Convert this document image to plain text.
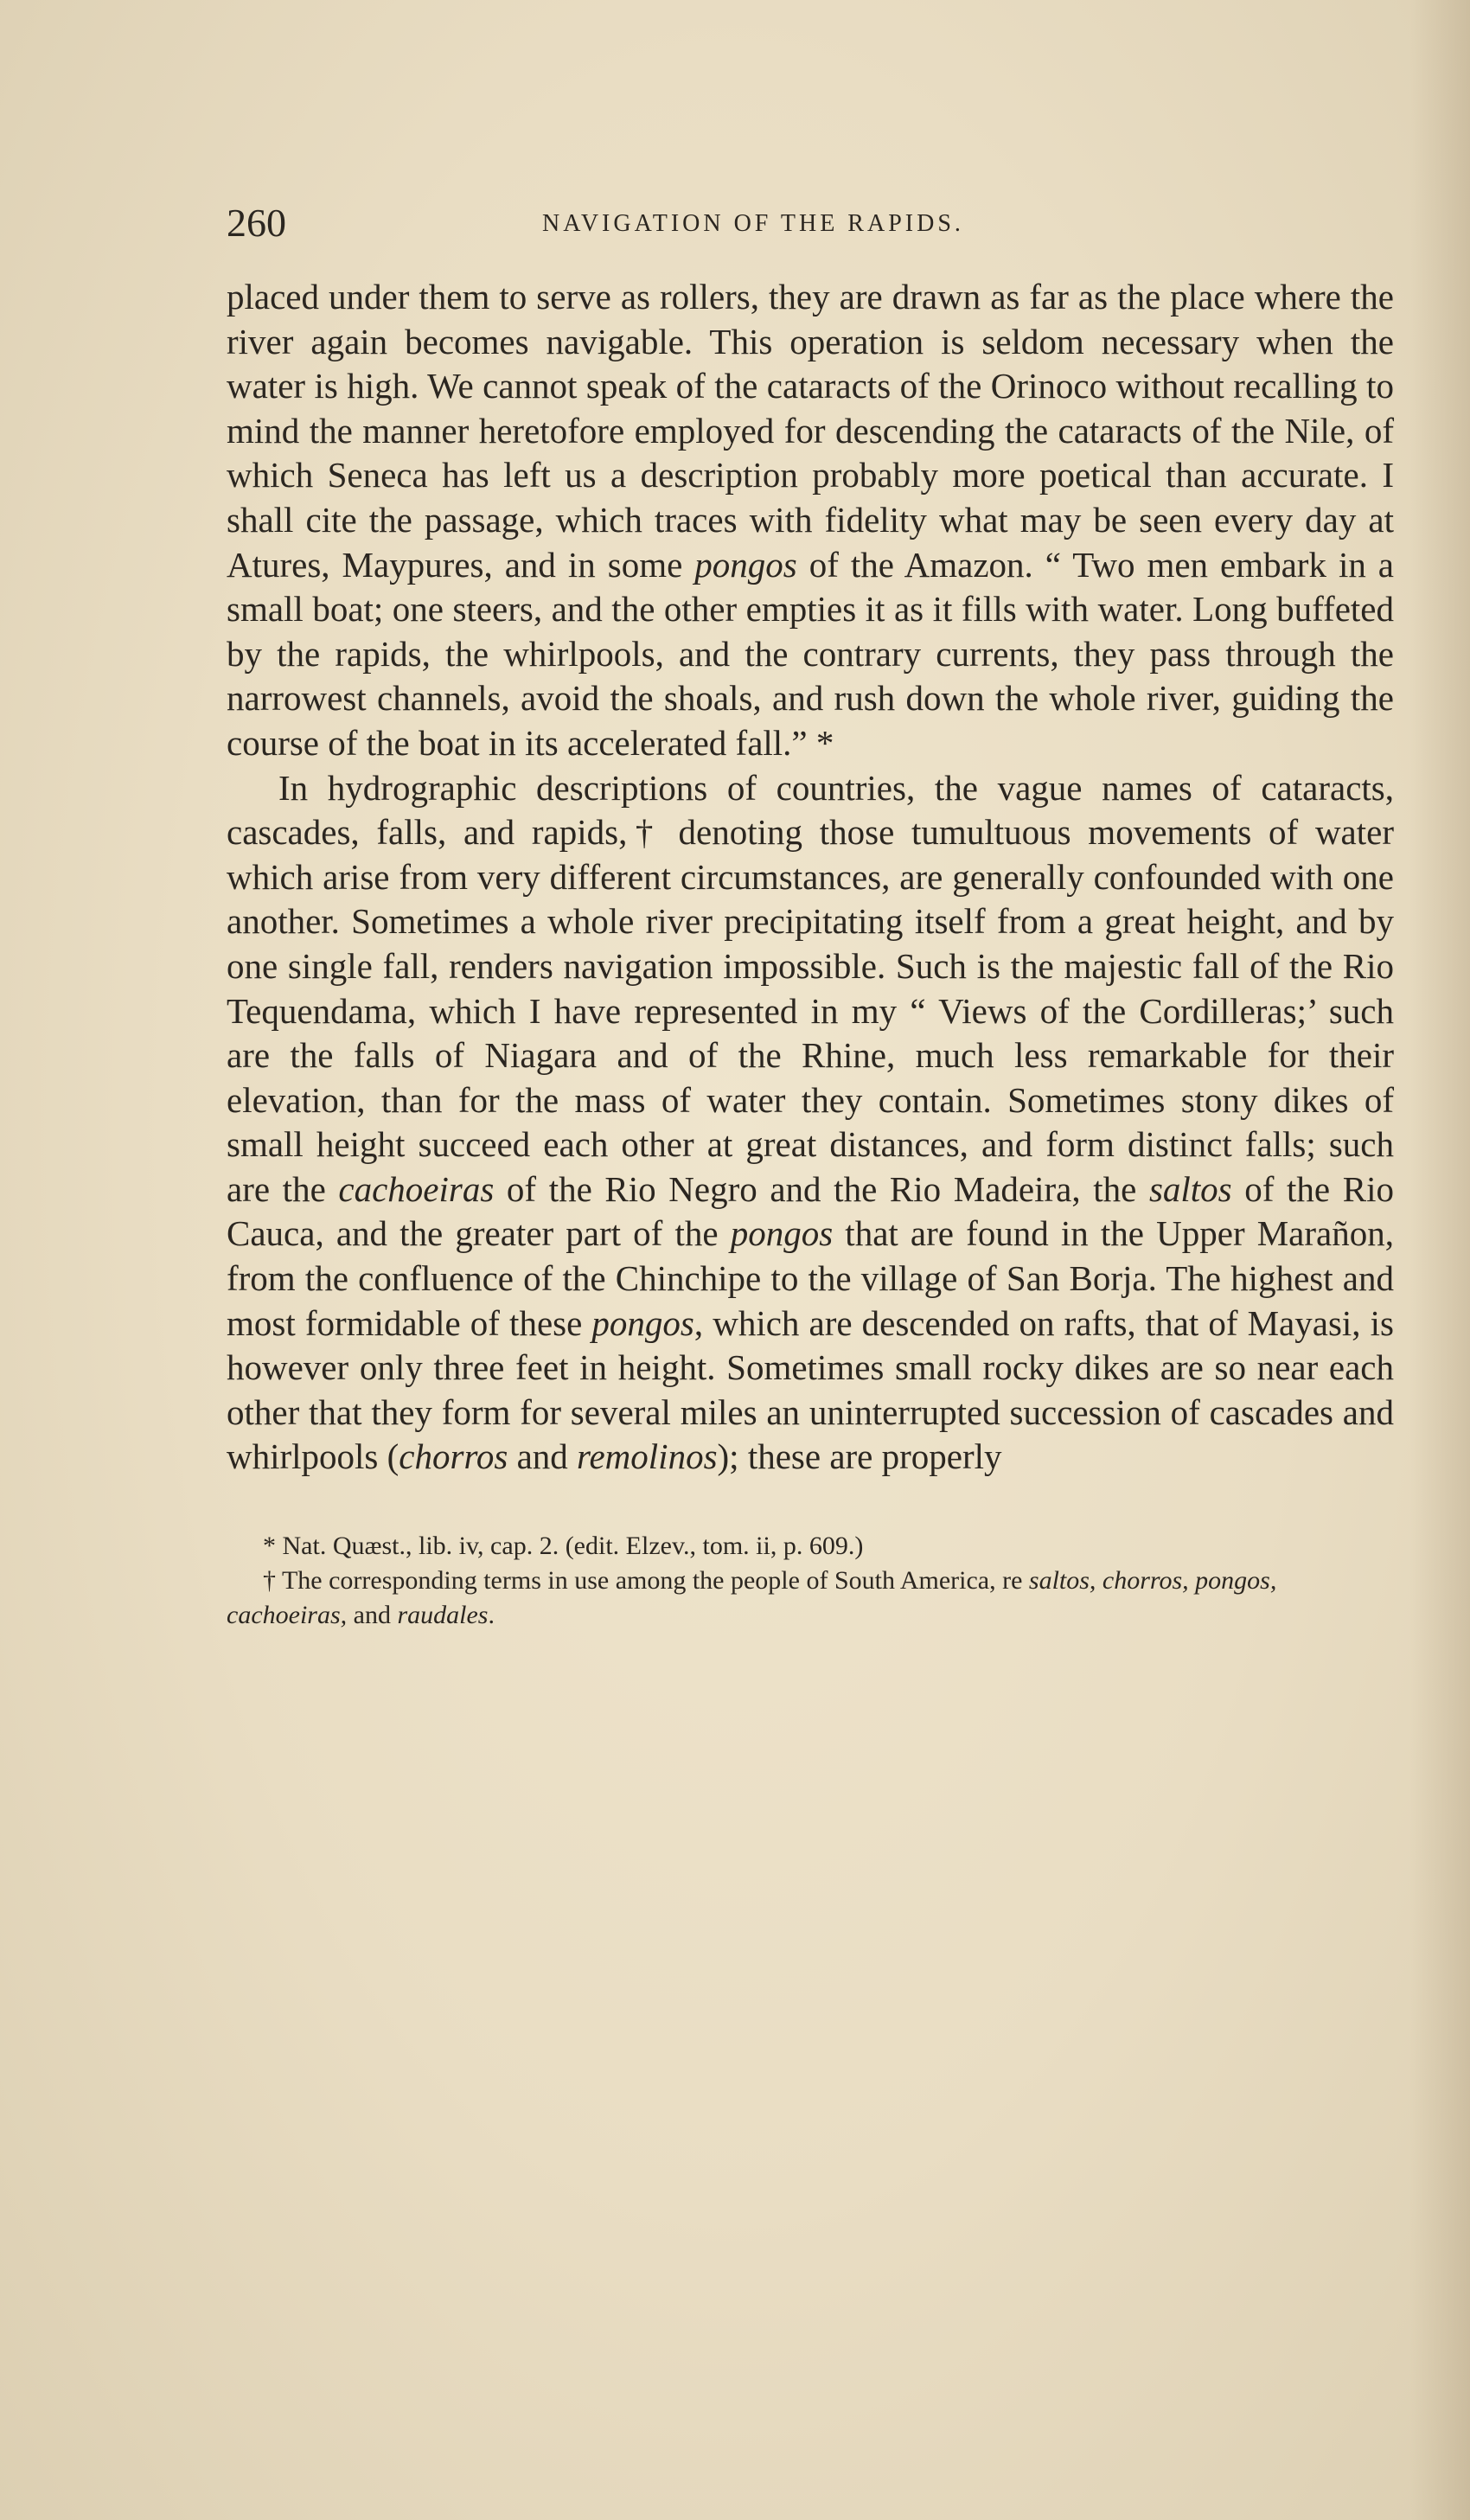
260	NAVIGATION OF THE RAPIDS.

placed under them to serve as rollers, they are drawn as far as the place where the river again becomes navigable. This operation is seldom necessary when the water is high. We cannot speak of the cataracts of the Orinoco without recalling to mind the manner heretofore employed for descending the cataracts of the Nile, of which Seneca has left us a description probably more poetical than accurate. I shall cite the passage, which traces with fidelity what may be seen every day at Atures, Maypures, and in some pongos of the Amazon. “ Two men embark in a small boat; one steers, and the other empties it as it fills with water. Long buffeted by the rapids, the whirlpools, and the contrary currents, they pass through the narrowest channels, avoid the shoals, and rush down the whole river, guiding the course of the boat in its accelerated fall.” *

In hydrographic descriptions of countries, the vague names of cataracts, cascades, falls, and rapids,† denoting those tumultuous movements of water which arise from very different circumstances, are generally confounded with one another. Sometimes a whole river precipitating itself from a great height, and by one single fall, renders navigation impossible. Such is the majestic fall of the Rio Tequendama, which I have represented in my “ Views of the Cordilleras;’ such are the falls of Niagara and of the Rhine, much less remarkable for their elevation, than for the mass of water they contain. Sometimes stony dikes of small height succeed each other at great distances, and form distinct falls; such are the cachoeiras of the Rio Negro and the Rio Madeira, the saltos of the Rio Cauca, and the greater part of the pongos that are found in the Upper Marañon, from the confluence of the Chinchipe to the village of San Borja. The highest and most formidable of these pongos, which are descended on rafts, that of Mayasi, is however only three feet in height. Sometimes small rocky dikes are so near each other that they form for several miles an uninterrupted succession of cascades and whirlpools (chorros and remolinos); these are properly

* Nat. Quæst., lib. iv, cap. 2. (edit. Elzev., tom. ii, p. 609.)

† The corresponding terms in use among the people of South America, re saltos, chorros, pongos, cachoeiras, and raudales.
